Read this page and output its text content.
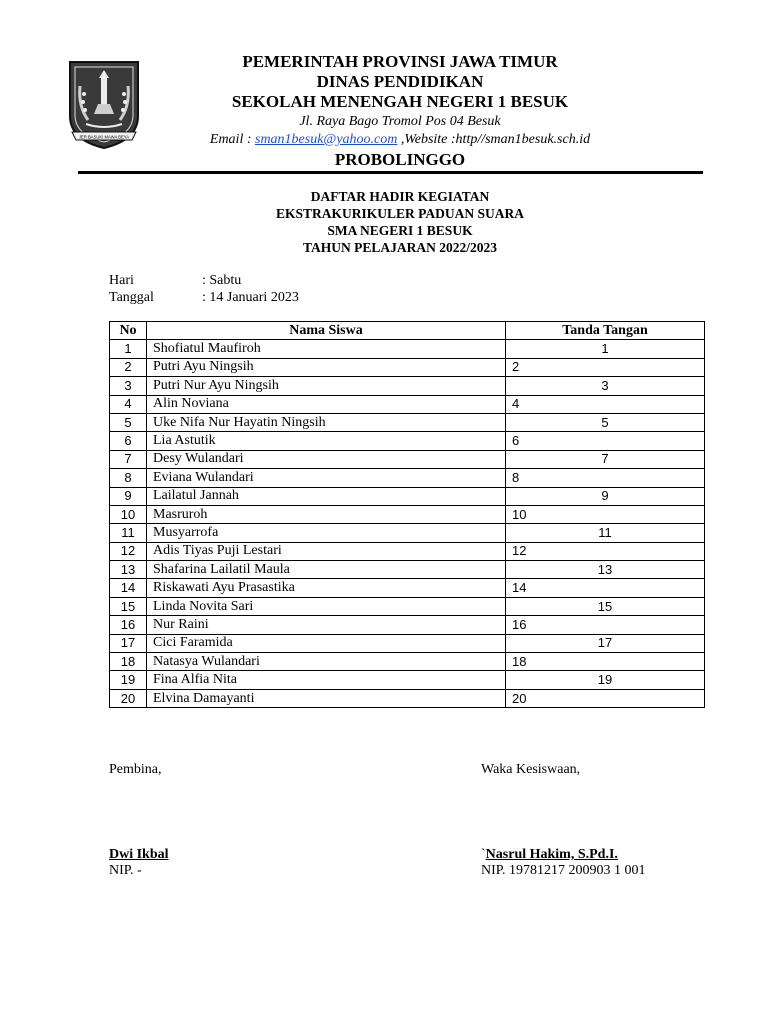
JER BASUKI MAWA BEYA
PEMERINTAH PROVINSI JAWA TIMUR
DINAS PENDIDIKAN
SEKOLAH MENENGAH NEGERI 1 BESUK
Jl. Raya Bago Tromol Pos 04 Besuk
Email : sman1besuk@yahoo.com ,Website :http//sman1besuk.sch.id
PROBOLINGGO
DAFTAR HADIR KEGIATAN
EKSTRAKURIKULER PADUAN SUARA
SMA NEGERI 1 BESUK
TAHUN PELAJARAN 2022/2023
Hari	: Sabtu
Tanggal	: 14 Januari 2023
No	Nama Siswa	Tanda Tangan
1	Shofiatul Maufiroh	1
2	Putri Ayu Ningsih	2
3	Putri Nur Ayu Ningsih	3
4	Alin Noviana	4
5	Uke Nifa Nur Hayatin Ningsih	5
6	Lia Astutik	6
7	Desy Wulandari	7
8	Eviana Wulandari	8
9	Lailatul Jannah	9
10	Masruroh	10
11	Musyarrofa	11
12	Adis Tiyas Puji Lestari	12
13	Shafarina Lailatil Maula	13
14	Riskawati Ayu Prasastika	14
15	Linda Novita Sari	15
16	Nur Raini	16
17	Cici Faramida	17
18	Natasya Wulandari	18
19	Fina Alfia Nita	19
20	Elvina Damayanti	20
Pembina,	Waka Kesiswaan,
Dwi Ikbal
NIP. -
`Nasrul Hakim, S.Pd.I.
NIP. 19781217 200903 1 001
